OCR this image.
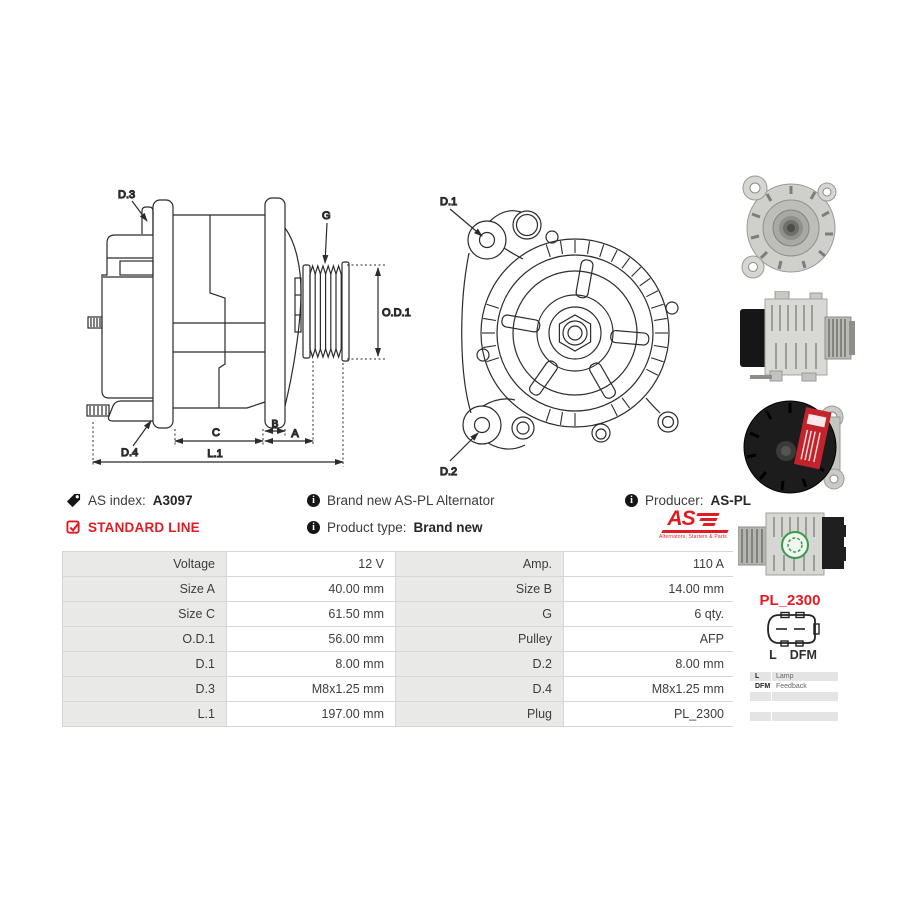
D.3
D.4
G
O.D.1
C
B
A
L.1
D.1
D.2
AS index: A3097 i	Brand new AS-PL Alternator i	Producer: AS-PL
STANDARD LINE i	Product type: Brand new	AS
Alternators, Starters & Parts
Voltage	12 V	Amp.	110 A
Size A	40.00 mm	Size B	14.00 mm
Size C	61.50 mm	G	6 qty.
O.D.1	56.00 mm	Pulley	AFP
D.1	8.00 mm	D.2	8.00 mm
D.3	M8x1.25 mm	D.4	M8x1.25 mm
L.1	197.00 mm	Plug	PL_2300
PL_2300
L DFM
L	Lamp
DFM Feedback
